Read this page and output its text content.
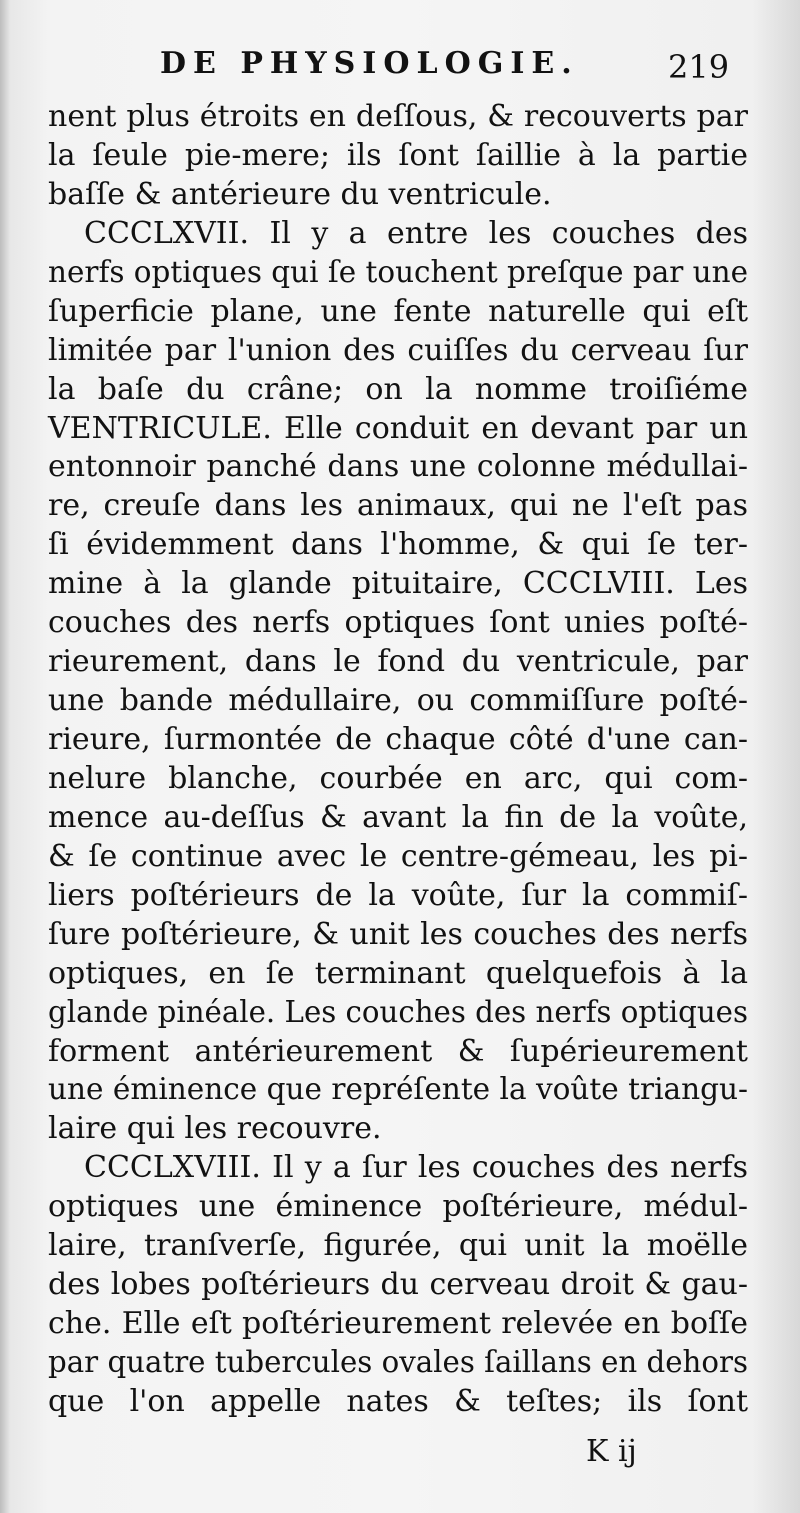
DE PHYSIOLOGIE.	219
nent plus étroits en deſſous, & recouverts par
la ſeule pie-mere; ils ſont ſaillie à la partie
baſſe & antérieure du ventricule.
CCCLXVII. Il y a entre les couches des
nerfs optiques qui ſe touchent preſque par une
ſuperficie plane, une fente naturelle qui eſt
limitée par l'union des cuiſſes du cerveau ſur
la baſe du crâne; on la nomme troiſiéme
VENTRICULE. Elle conduit en devant par un
entonnoir panché dans une colonne médullai-
re, creuſe dans les animaux, qui ne l'eſt pas
ſi évidemment dans l'homme, & qui ſe ter-
mine à la glande pituitaire, CCCLVIII. Les
couches des nerfs optiques ſont unies poſté-
rieurement, dans le fond du ventricule, par
une bande médullaire, ou commiſſure poſté-
rieure, ſurmontée de chaque côté d'une can-
nelure blanche, courbée en arc, qui com-
mence au-deſſus & avant la fin de la voûte,
& ſe continue avec le centre-gémeau, les pi-
liers poſtérieurs de la voûte, ſur la commiſ-
ſure poſtérieure, & unit les couches des nerfs
optiques, en ſe terminant quelquefois à la
glande pinéale. Les couches des nerfs optiques
forment antérieurement & ſupérieurement
une éminence que repréſente la voûte triangu-
laire qui les recouvre.
CCCLXVIII. Il y a ſur les couches des nerfs
optiques une éminence poſtérieure, médul-
laire, tranſverſe, figurée, qui unit la moëlle
des lobes poſtérieurs du cerveau droit & gau-
che. Elle eſt poſtérieurement relevée en boſſe
par quatre tubercules ovales ſaillans en dehors
que l'on appelle nates & teſtes; ils ſont
K ij
